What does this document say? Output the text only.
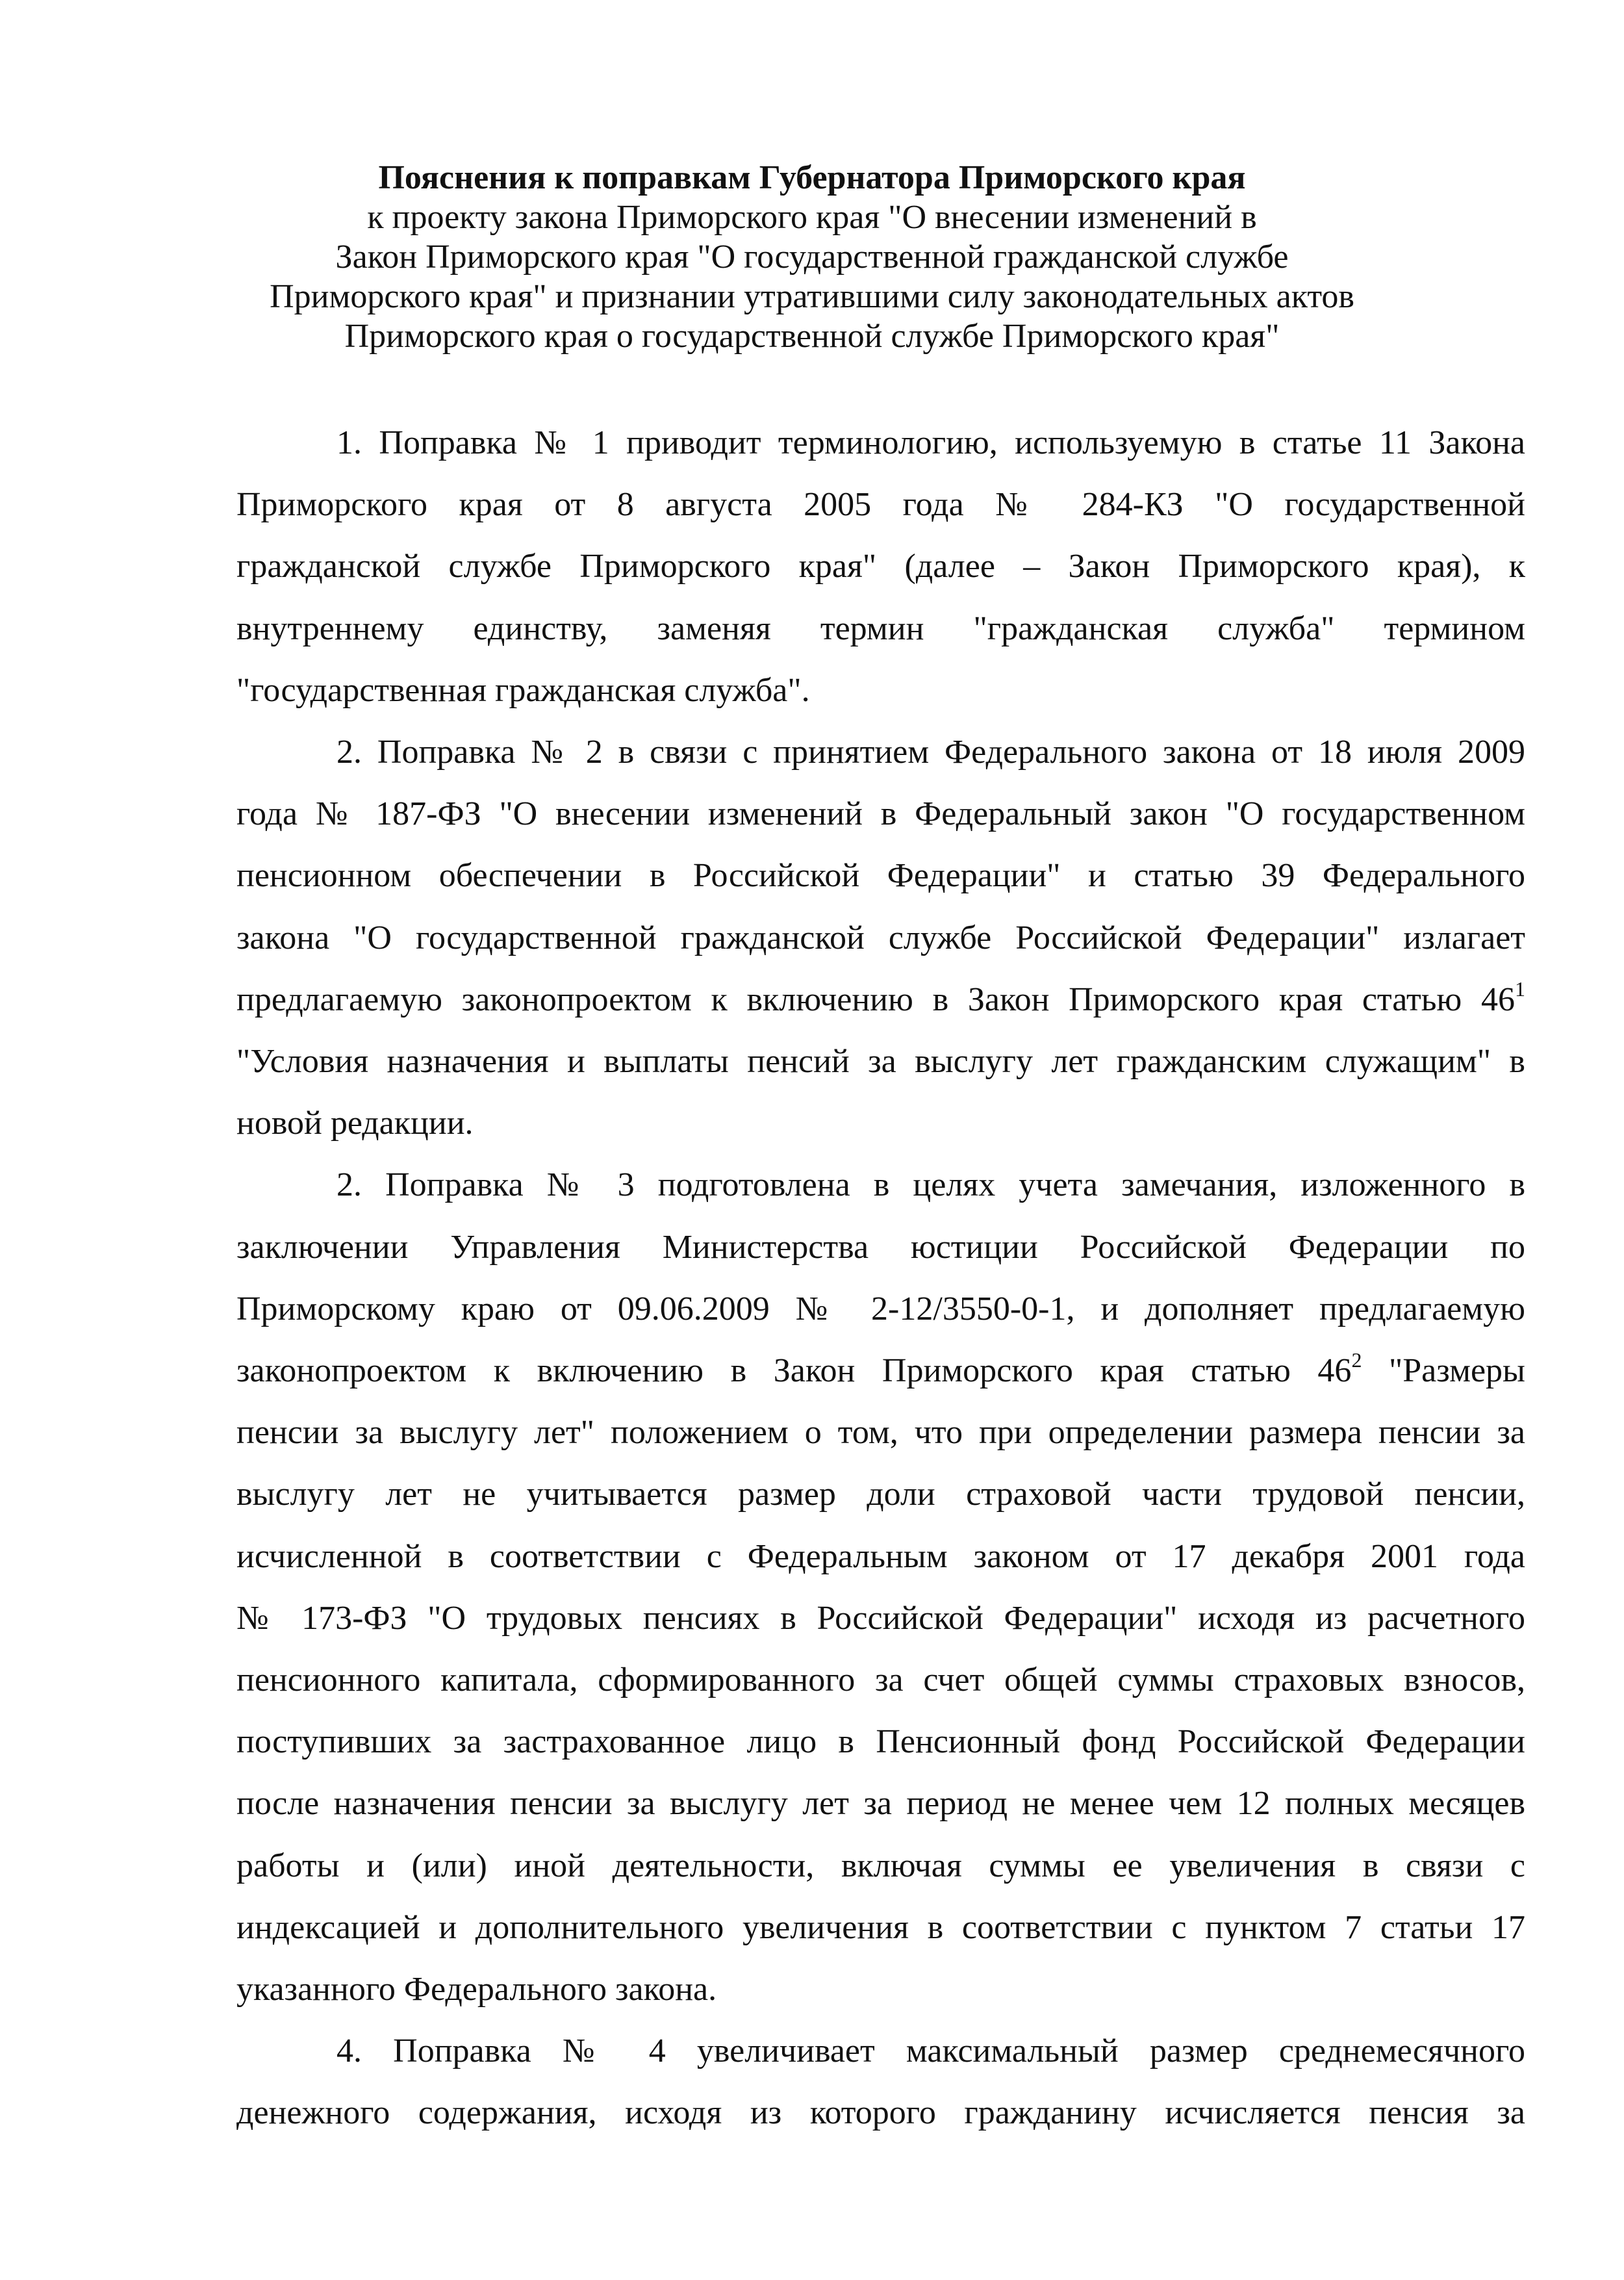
Пояснения к поправкам Губернатора Приморского края
к проекту закона Приморского края "О внесении изменений в
Закон Приморского края "О государственной гражданской службе
Приморского края" и признании утратившими силу законодательных актов
Приморского края о государственной службе Приморского края"
1. Поправка № 1 приводит терминологию, используемую в статье 11 Закона
Приморского края от 8 августа 2005 года № 284-КЗ "О государственной
гражданской службе Приморского края" (далее – Закон Приморского края), к
внутреннему единству, заменяя термин "гражданская служба" термином
"государственная гражданская служба".
2. Поправка № 2 в связи с принятием Федерального закона от 18 июля 2009
года № 187-ФЗ "О внесении изменений в Федеральный закон "О государственном
пенсионном обеспечении в Российской Федерации" и статью 39 Федерального
закона "О государственной гражданской службе Российской Федерации" излагает
предлагаемую законопроектом к включению в Закон Приморского края статью $46^1$
"Условия назначения и выплаты пенсий за выслугу лет гражданским служащим" в
новой редакции.
2. Поправка № 3 подготовлена в целях учета замечания, изложенного в
заключении Управления Министерства юстиции Российской Федерации по
Приморскому краю от 09.06.2009 № 2-12/3550-0-1, и дополняет предлагаемую
законопроектом к включению в Закон Приморского края статью $46^2$ "Размеры
пенсии за выслугу лет" положением о том, что при определении размера пенсии за
выслугу лет не учитывается размер доли страховой части трудовой пенсии,
исчисленной в соответствии с Федеральным законом от 17 декабря 2001 года
№ 173-ФЗ "О трудовых пенсиях в Российской Федерации" исходя из расчетного
пенсионного капитала, сформированного за счет общей суммы страховых взносов,
поступивших за застрахованное лицо в Пенсионный фонд Российской Федерации
после назначения пенсии за выслугу лет за период не менее чем 12 полных месяцев
работы и (или) иной деятельности, включая суммы ее увеличения в связи с
индексацией и дополнительного увеличения в соответствии с пунктом 7 статьи 17
указанного Федерального закона.
4. Поправка № 4 увеличивает максимальный размер среднемесячного
денежного содержания, исходя из которого гражданину исчисляется пенсия за
